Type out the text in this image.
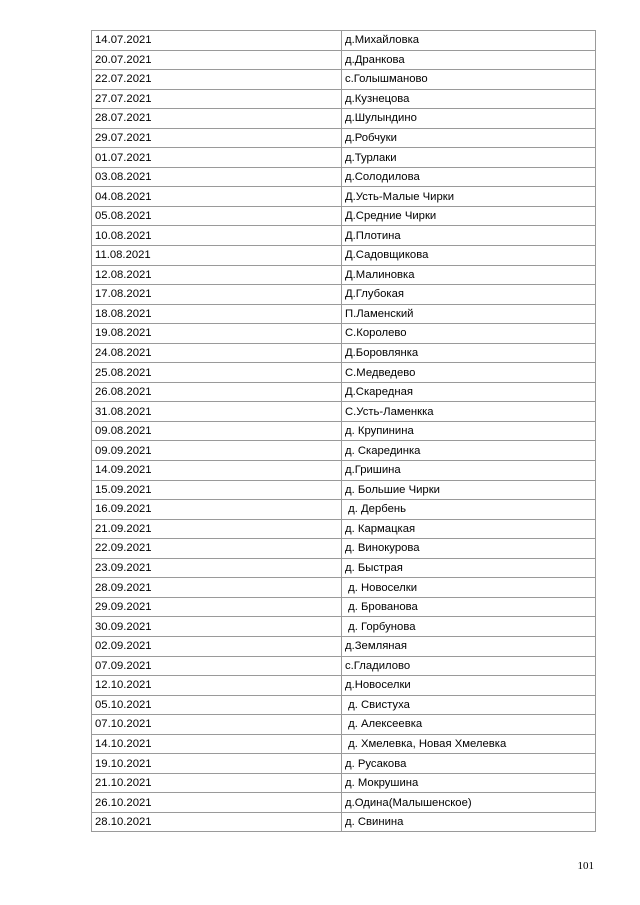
14.07.2021	д.Михайловка
20.07.2021	д.Дранкова
22.07.2021	с.Голышманово
27.07.2021	д.Кузнецова
28.07.2021	д.Шулындино
29.07.2021	д.Робчуки
01.07.2021	д.Турлаки
03.08.2021	д.Солодилова
04.08.2021	Д.Усть-Малые Чирки
05.08.2021	Д.Средние Чирки
10.08.2021	Д.Плотина
11.08.2021	Д.Садовщикова
12.08.2021	Д.Малиновка
17.08.2021	Д.Глубокая
18.08.2021	П.Ламенский
19.08.2021	С.Королево
24.08.2021	Д.Боровлянка
25.08.2021	С.Медведево
26.08.2021	Д.Скаредная
31.08.2021	С.Усть-Ламенкка
09.08.2021	д. Крупинина
09.09.2021	д. Скарединка
14.09.2021	д.Гришина
15.09.2021	д. Большие Чирки
16.09.2021	д. Дербень
21.09.2021	д. Кармацкая
22.09.2021	д. Винокурова
23.09.2021	д. Быстрая
28.09.2021	д. Новоселки
29.09.2021	д. Брованова
30.09.2021	д. Горбунова
02.09.2021	д.Земляная
07.09.2021	с.Гладилово
12.10.2021	д.Новоселки
05.10.2021	д. Свистуха
07.10.2021	д. Алексеевка
14.10.2021	д. Хмелевка, Новая Хмелевка
19.10.2021	д. Русакова
21.10.2021	д. Мокрушина
26.10.2021	д.Одина(Малышенское)
28.10.2021	д. Свинина
101
